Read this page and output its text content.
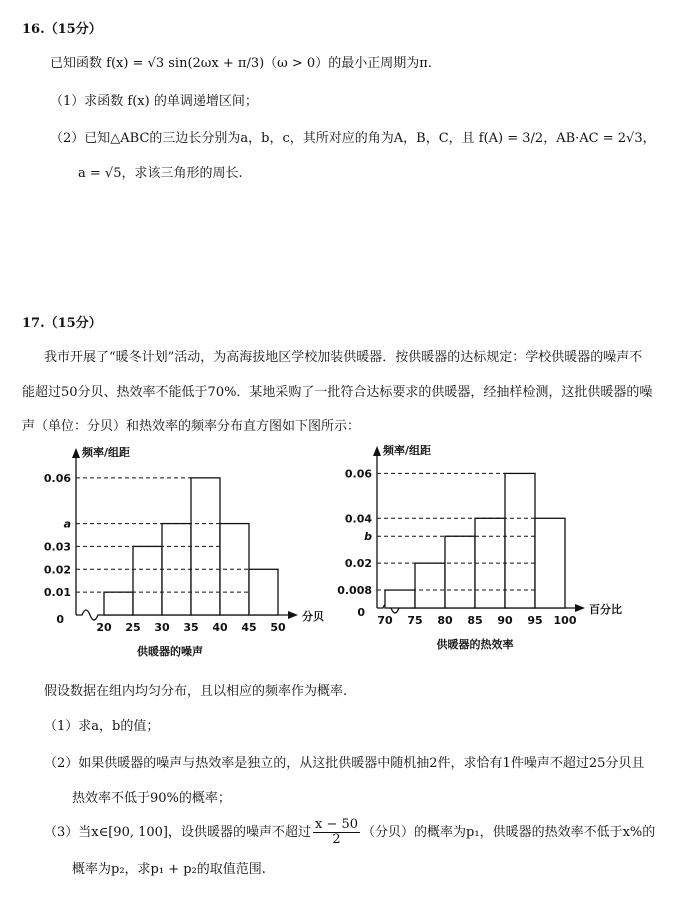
16.（15分）
已知函数 f(x) = √3 sin(2ωx + π/3)（ω > 0）的最小正周期为π.
（1）求函数 f(x) 的单调递增区间；
（2）已知△ABC的三边长分别为a，b，c，其所对应的角为A，B，C，且 f(A) = 3/2，AB·AC = 2√3，
a = √5，求该三角形的周长.
17.（15分）
我市开展了“暖冬计划”活动，为高海拔地区学校加装供暖器．按供暖器的达标规定：学校供暖器的噪声不
能超过50分贝、热效率不能低于70%．某地采购了一批符合达标要求的供暖器，经抽样检测，这批供暖器的噪
声（单位：分贝）和热效率的频率分布直方图如下图所示：
频率/组距
分贝
0
0.01
0.02
0.03
a
0.06
20 25 30 35 40 45 50
供暖器的噪声
频率/组距
百分比
0
0.008
0.02
b
0.04
0.06
70 75 80 85 90 95 100
供暖器的热效率
假设数据在组内均匀分布，且以相应的频率作为概率.
（1）求a，b的值；
（2）如果供暖器的噪声与热效率是独立的，从这批供暖器中随机抽2件，求恰有1件噪声不超过25分贝且
热效率不低于90%的概率；
（3）当x∈[90, 100]，设供暖器的噪声不超过 $\frac{x - 50}{2}$ （分贝）的概率为p₁，供暖器的热效率不低于x%的
概率为p₂，求p₁ + p₂的取值范围.
